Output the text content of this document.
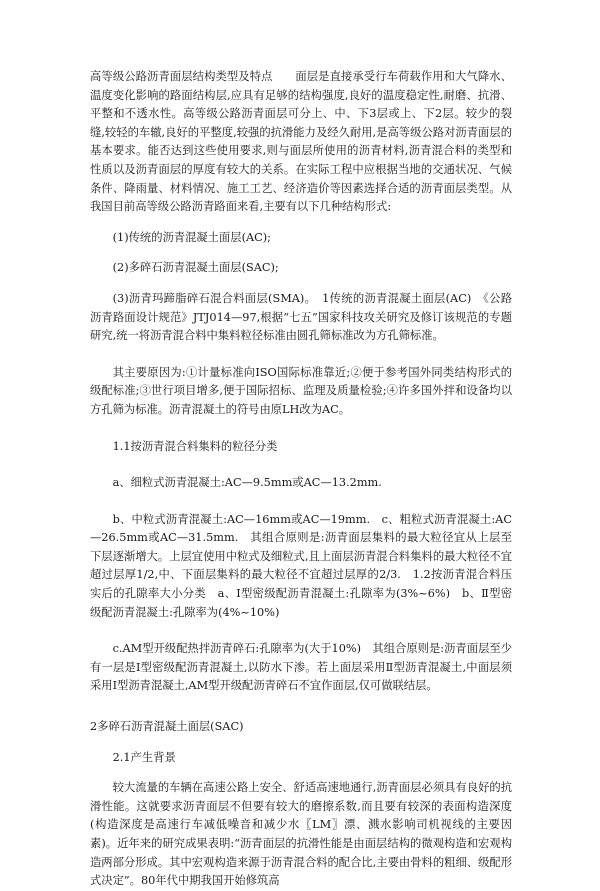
高等级公路沥青面层结构类型及特点　　面层是直接承受行车荷载作用和大气降水、温度变化影响的路面结构层,应具有足够的结构强度,良好的温度稳定性,耐磨、抗滑、平整和不透水性。高等级公路沥青面层可分上、中、下3层或上、下2层。较少的裂缝,较轻的车辙,良好的平整度,较强的抗滑能力及经久耐用,是高等级公路对沥青面层的基本要求。能否达到这些使用要求,则与面层所使用的沥青材料,沥青混合料的类型和性质以及沥青面层的厚度有较大的关系。在实际工程中应根据当地的交通状况、气候条件、降雨量、材料情况、施工工艺、经济造价等因素选择合适的沥青面层类型。从我国目前高等级公路沥青路面来看,主要有以下几种结构形式:

(1)传统的沥青混凝土面层(AC);

(2)多碎石沥青混凝土面层(SAC);

(3)沥青玛蹄脂碎石混合料面层(SMA)。　1传统的沥青混凝土面层(AC)　《公路沥青路面设计规范》JTJ014—97,根据“七五”国家科技攻关研究及修订该规范的专题研究,统一将沥青混合料中集料粒径标准由圆孔筛标准改为方孔筛标准。

其主要原因为:①计量标准向ISO国际标准靠近;②便于参考国外同类结构形式的级配标准;③世行项目增多,便于国际招标、监理及质量检验;④许多国外拌和设备均以方孔筛为标准。沥青混凝土的符号由原LH改为AC。

1.1按沥青混合料集料的粒径分类

a、细粒式沥青混凝土:AC—9.5mm或AC—13.2mm.

b、中粒式沥青混凝土:AC—16mm或AC—19mm.　c、粗粒式沥青混凝土:AC—26.5mm或AC—31.5mm.　其组合原则是:沥青面层集料的最大粒径宜从上层至下层逐渐增大。上层宜使用中粒式及细粒式,且上面层沥青混合料集料的最大粒径不宜超过层厚1/2,中、下面层集料的最大粒径不宜超过层厚的2/3.　1.2按沥青混合料压实后的孔隙率大小分类　a、Ⅰ型密级配沥青混凝土:孔隙率为(3%~6%)　b、Ⅱ型密级配沥青混凝土:孔隙率为(4%~10%)

c.AM型开级配热拌沥青碎石:孔隙率为(大于10%)　其组合原则是:沥青面层至少有一层是Ⅰ型密级配沥青混凝土,以防水下渗。若上面层采用Ⅱ型沥青混凝土,中面层须采用Ⅰ型沥青混凝土,AM型开级配沥青碎石不宜作面层,仅可做联结层。

2多碎石沥青混凝土面层(SAC)

2.1产生背景

较大流量的车辆在高速公路上安全、舒适高速地通行,沥青面层必须具有良好的抗滑性能。这就要求沥青面层不但要有较大的磨擦系数,而且要有较深的表面构造深度(构造深度是高速行车减低噪音和减少水〖LM〗漂、溅水影响司机视线的主要因素)。近年来的研究成果表明:“沥青面层的抗滑性能是由面层结构的微观构造和宏观构造两部分形成。其中宏观构造来源于沥青混合料的配合比,主要由骨料的粗细、级配形式决定”。80年代中期我国开始修筑高
